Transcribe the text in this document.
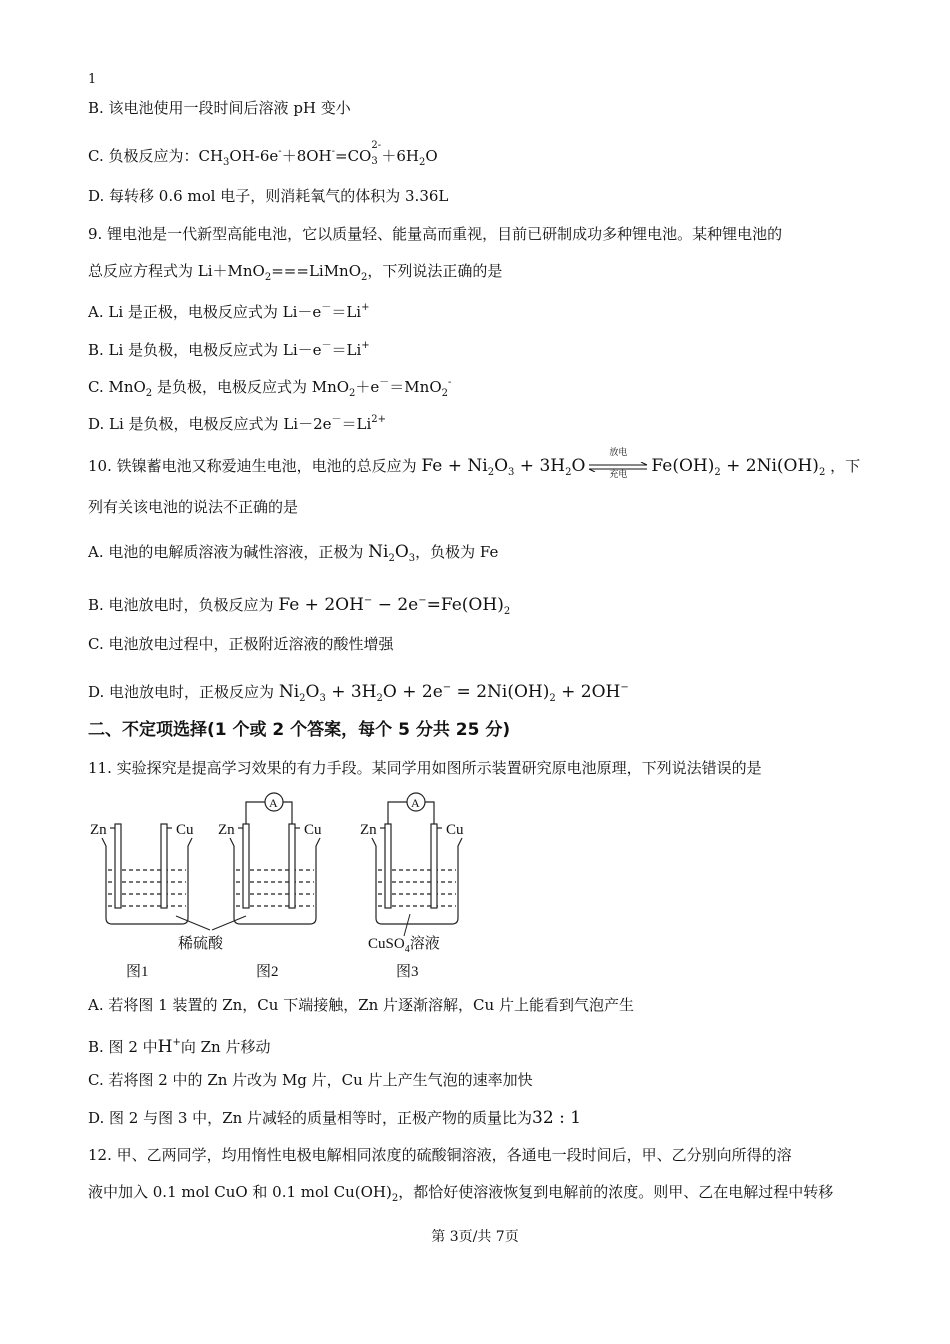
1
B. 该电池使用一段时间后溶液 pH 变小
C. 负极反应为：$CH_3OH-6e^-+8OH^-=CO$
2-
$3 +6H_2O$
D. 每转移 0.6 mol 电子，则消耗氧气的体积为 3.36L
9. 锂电池是一代新型高能电池，它以质量轻、能量高而重视，目前已研制成功多种锂电池。某种锂电池的
总反应方程式为 Li＋MnO$_2$===LiMnO$_2$，下列说法正确的是
A. Li 是正极，电极反应式为 Li－e－＝Li+
B. Li 是负极，电极反应式为 Li－e－＝Li+
C. MnO$_2$ 是负极，电极反应式为 MnO$_2$＋e－＝MnO$_2$-
D. Li 是负极，电极反应式为 $Li-2e^-=Li^{2+}$
10. 铁镍蓄电池又称爱迪生电池，电池的总反应为 $Fe + Ni_2O_3 + 3H_2O$
放电
充电	$Fe(OH)_2 + 2Ni(OH)_2$ ，下
列有关该电池的说法不正确的是
A. 电池的电解质溶液为碱性溶液，正极为 $Ni_2O_3$，负极为 Fe
B. 电池放电时，负极反应为 $Fe + 2OH^- - 2e^-=Fe(OH)_2$
C. 电池放电过程中，正极附近溶液的酸性增强
D. 电池放电时，正极反应为 $Ni_2O_3 + 3H_2O + 2e^- = 2Ni(OH)_2 + 2OH^-$
二、不定项选择(1 个或 2 个答案，每个 5 分共 25 分)
11. 实验探究是提高学习效果的有力手段。某同学用如图所示装置研究原电池原理，下列说法错误的是
Zn	Cu Zn	Cu	Zn	Cu
A	A
稀硫酸	CuSO$_4$溶液
图1	图2	图3
A. 若将图 1 装置的 Zn，Cu 下端接触，Zn 片逐渐溶解，Cu 片上能看到气泡产生
B. 图 2 中H+向 Zn 片移动
C. 若将图 2 中的 Zn 片改为 Mg 片，Cu 片上产生气泡的速率加快
D. 图 2 与图 3 中，Zn 片减轻的质量相等时，正极产物的质量比为32 : 1
12. 甲、乙两同学，均用惰性电极电解相同浓度的硫酸铜溶液，各通电一段时间后，甲、乙分别向所得的溶
液中加入 0.1 mol CuO 和 0.1 mol $Cu(OH)_2$，都恰好使溶液恢复到电解前的浓度。则甲、乙在电解过程中转移
第 3页/共 7页
